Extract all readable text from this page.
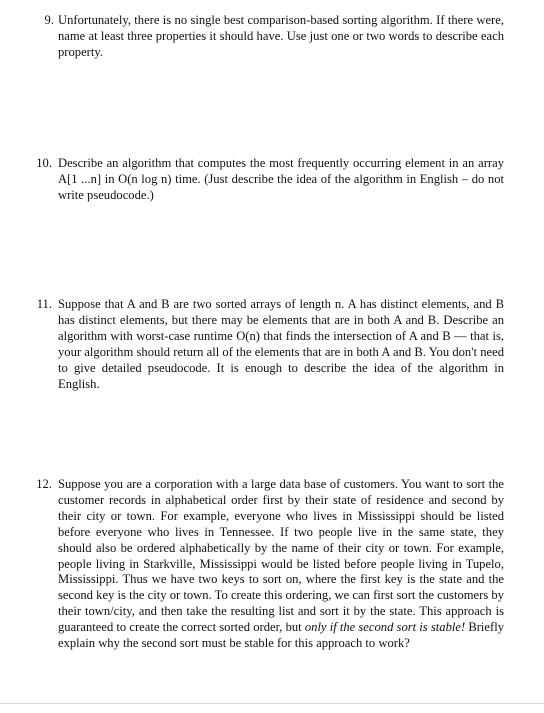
9. Unfortunately, there is no single best comparison-based sorting algorithm. If there were, name at least three properties it should have. Use just one or two words to describe each property.
10. Describe an algorithm that computes the most frequently occurring element in an array A[1 ...n] in O(n log n) time. (Just describe the idea of the algorithm in English – do not write pseudocode.)
11. Suppose that A and B are two sorted arrays of length n. A has distinct elements, and B has distinct elements, but there may be elements that are in both A and B. Describe an algorithm with worst-case runtime O(n) that finds the intersection of A and B — that is, your algorithm should return all of the elements that are in both A and B. You don't need to give detailed pseudocode. It is enough to describe the idea of the algorithm in English.
12. Suppose you are a corporation with a large data base of customers. You want to sort the customer records in alphabetical order first by their state of residence and second by their city or town. For example, everyone who lives in Mississippi should be listed before everyone who lives in Tennessee. If two people live in the same state, they should also be ordered alphabetically by the name of their city or town. For example, people living in Starkville, Mississippi would be listed before people living in Tupelo, Mississippi. Thus we have two keys to sort on, where the first key is the state and the second key is the city or town. To create this ordering, we can first sort the customers by their town/city, and then take the resulting list and sort it by the state. This approach is guaranteed to create the correct sorted order, but only if the second sort is stable! Briefly explain why the second sort must be stable for this approach to work?
